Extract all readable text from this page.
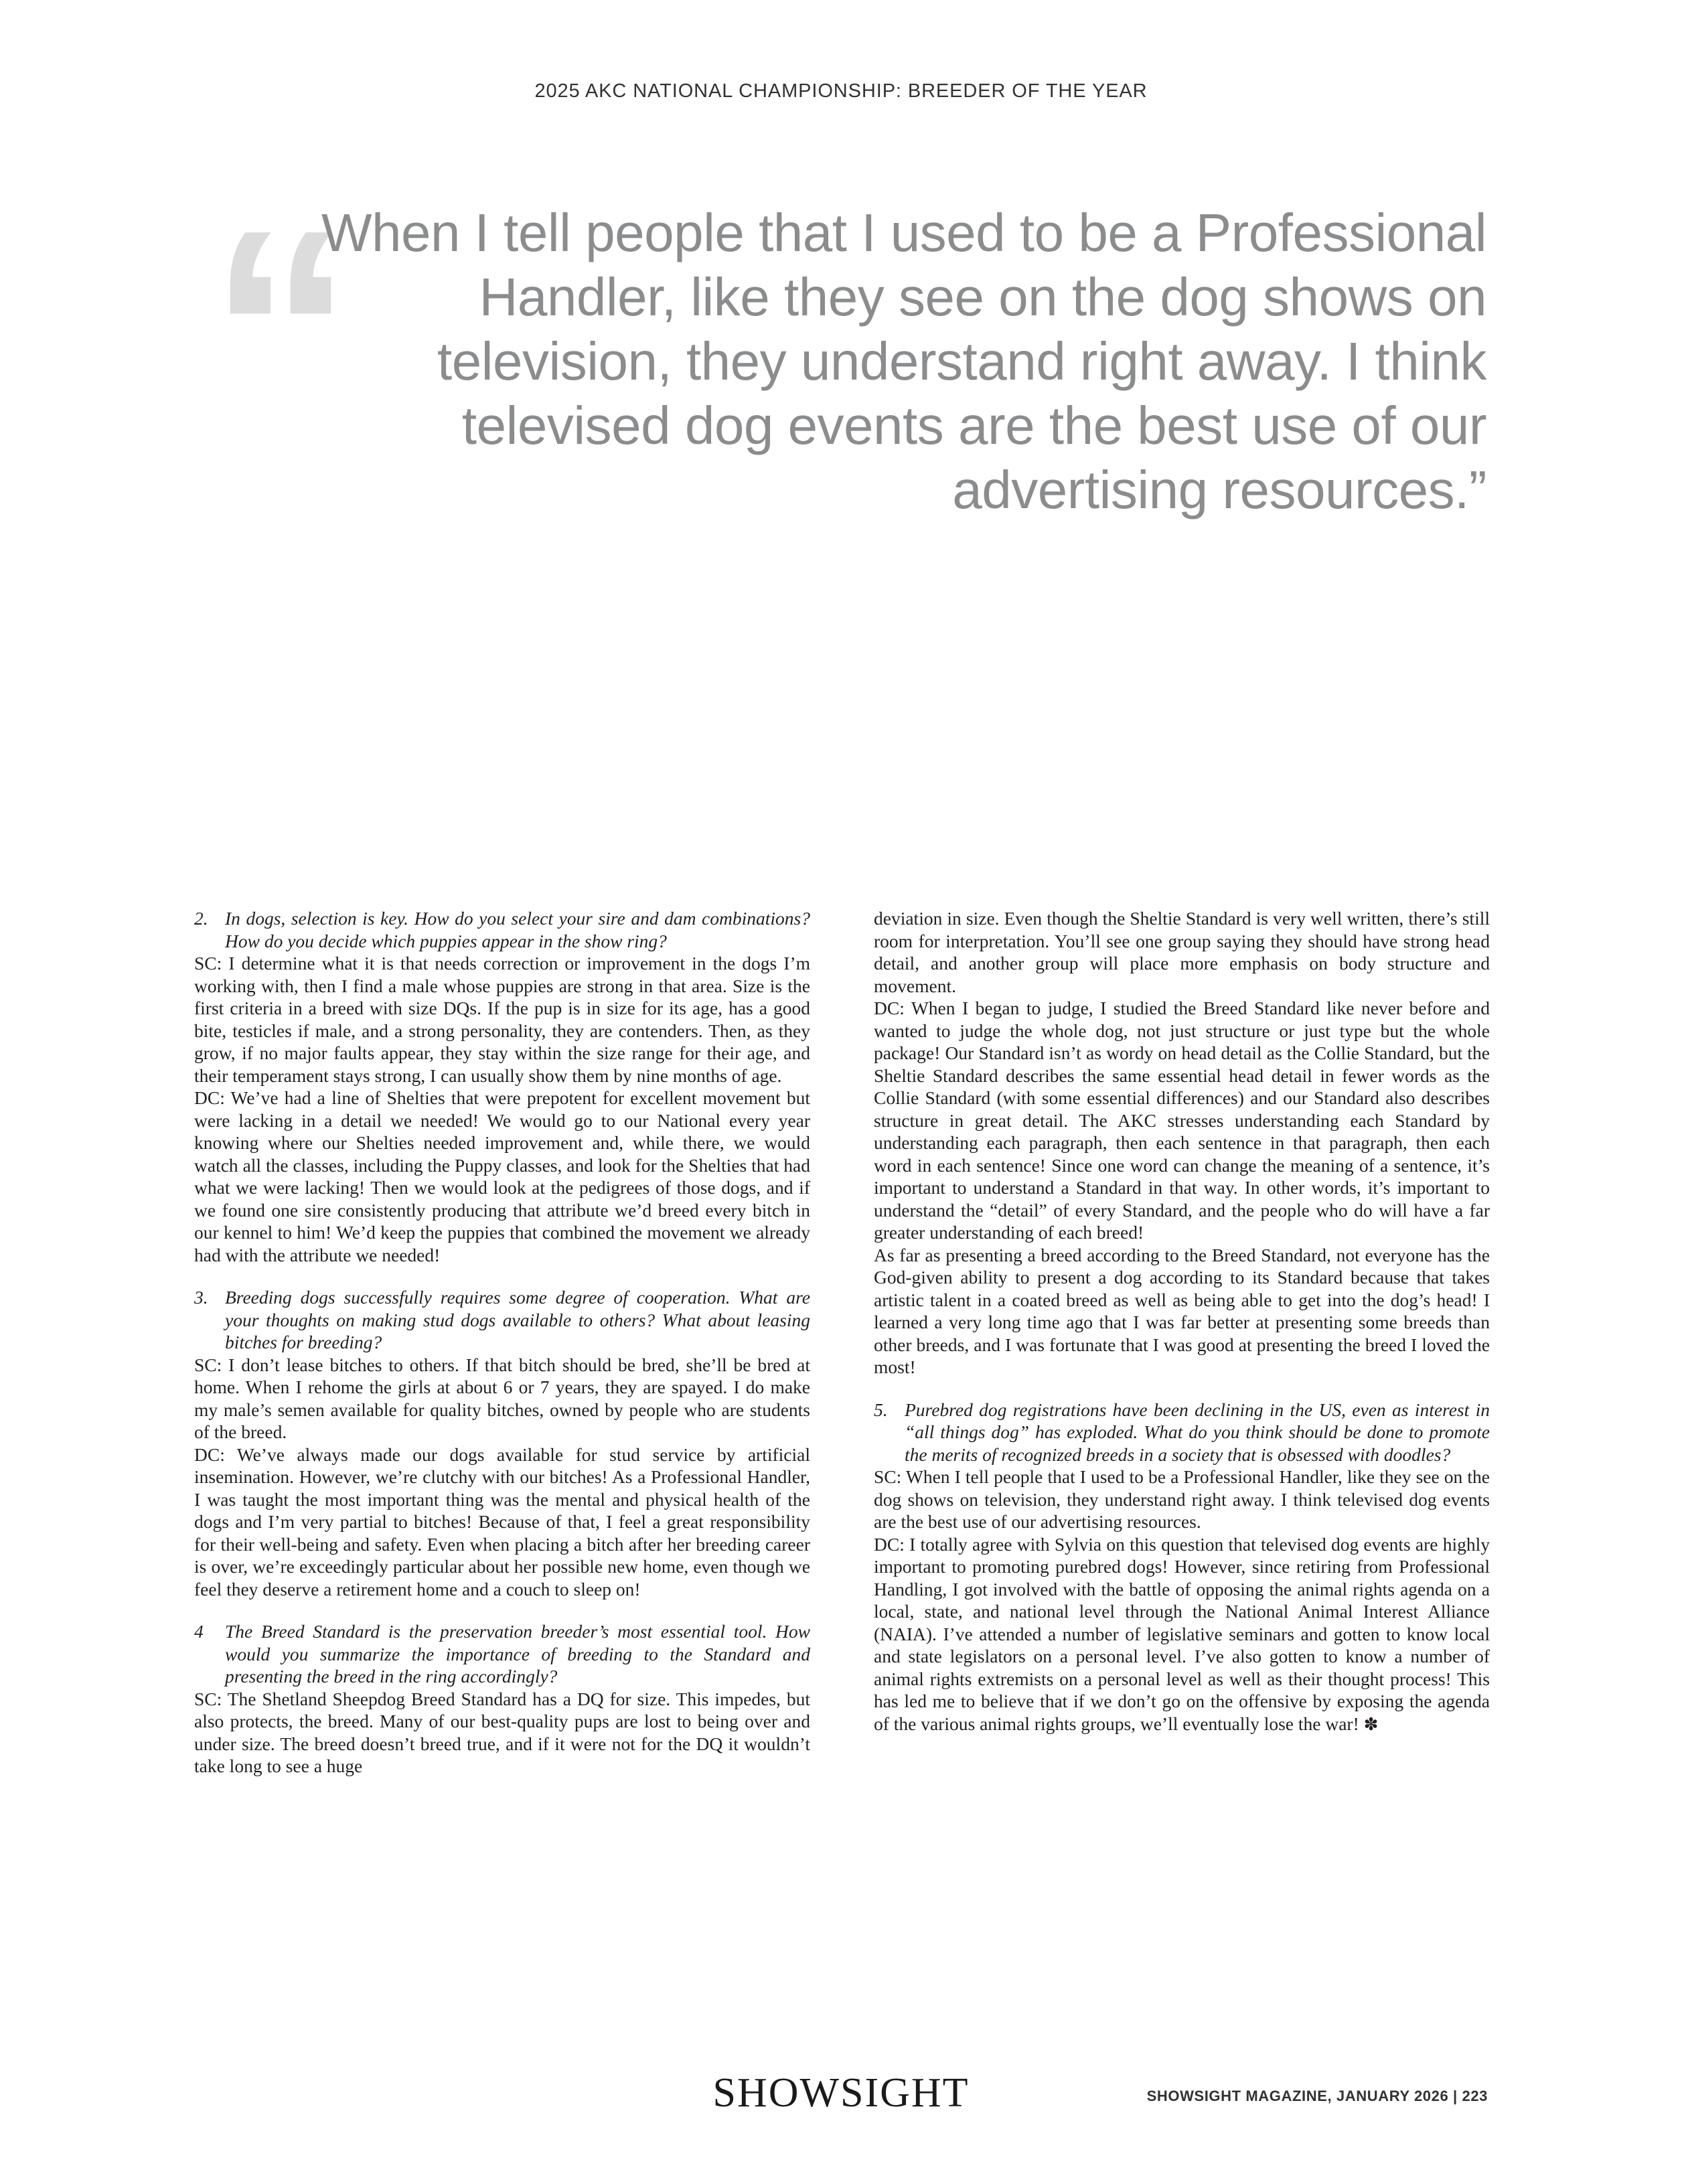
2025 AKC NATIONAL CHAMPIONSHIP: BREEDER OF THE YEAR
“
When I tell people that I used to be a Professional Handler, like they see on the dog shows on television, they understand right away. I think televised dog events are the best use of our advertising resources.”
2. In dogs, selection is key. How do you select your sire and dam combinations? How do you decide which puppies appear in the show ring?
SC: I determine what it is that needs correction or improvement in the dogs I’m working with, then I find a male whose puppies are strong in that area. Size is the first criteria in a breed with size DQs. If the pup is in size for its age, has a good bite, testicles if male, and a strong personality, they are contenders. Then, as they grow, if no major faults appear, they stay within the size range for their age, and their temperament stays strong, I can usually show them by nine months of age.
DC: We’ve had a line of Shelties that were prepotent for excellent movement but were lacking in a detail we needed! We would go to our National every year knowing where our Shelties needed improvement and, while there, we would watch all the classes, including the Puppy classes, and look for the Shelties that had what we were lacking! Then we would look at the pedigrees of those dogs, and if we found one sire consistently producing that attribute we’d breed every bitch in our kennel to him! We’d keep the puppies that combined the movement we already had with the attribute we needed!
3. Breeding dogs successfully requires some degree of cooperation. What are your thoughts on making stud dogs available to others? What about leasing bitches for breeding?
SC: I don’t lease bitches to others. If that bitch should be bred, she’ll be bred at home. When I rehome the girls at about 6 or 7 years, they are spayed. I do make my male’s semen available for quality bitches, owned by people who are students of the breed.
DC: We’ve always made our dogs available for stud service by artificial insemination. However, we’re clutchy with our bitches! As a Professional Handler, I was taught the most important thing was the mental and physical health of the dogs and I’m very partial to bitches! Because of that, I feel a great responsibility for their well-being and safety. Even when placing a bitch after her breeding career is over, we’re exceedingly particular about her possible new home, even though we feel they deserve a retirement home and a couch to sleep on!
4	The Breed Standard is the preservation breeder’s most essential tool. How would you summarize the importance of breeding to the Standard and presenting the breed in the ring accordingly?
SC: The Shetland Sheepdog Breed Standard has a DQ for size. This impedes, but also protects, the breed. Many of our best-quality pups are lost to being over and under size. The breed doesn’t breed true, and if it were not for the DQ it wouldn’t take long to see a huge
deviation in size. Even though the Sheltie Standard is very well written, there’s still room for interpretation. You’ll see one group saying they should have strong head detail, and another group will place more emphasis on body structure and movement.
DC: When I began to judge, I studied the Breed Standard like never before and wanted to judge the whole dog, not just structure or just type but the whole package! Our Standard isn’t as wordy on head detail as the Collie Standard, but the Sheltie Standard describes the same essential head detail in fewer words as the Collie Standard (with some essential differences) and our Standard also describes structure in great detail. The AKC stresses understanding each Standard by understanding each paragraph, then each sentence in that paragraph, then each word in each sentence! Since one word can change the meaning of a sentence, it’s important to understand a Standard in that way. In other words, it’s important to understand the “detail” of every Standard, and the people who do will have a far greater understanding of each breed!
As far as presenting a breed according to the Breed Standard, not everyone has the God-given ability to present a dog according to its Standard because that takes artistic talent in a coated breed as well as being able to get into the dog’s head! I learned a very long time ago that I was far better at presenting some breeds than other breeds, and I was fortunate that I was good at presenting the breed I loved the most!
5. Purebred dog registrations have been declining in the US, even as interest in “all things dog” has exploded. What do you think should be done to promote the merits of recognized breeds in a society that is obsessed with doodles?
SC: When I tell people that I used to be a Professional Handler, like they see on the dog shows on television, they understand right away. I think televised dog events are the best use of our advertising resources.
DC: I totally agree with Sylvia on this question that televised dog events are highly important to promoting purebred dogs! However, since retiring from Professional Handling, I got involved with the battle of opposing the animal rights agenda on a local, state, and national level through the National Animal Interest Alliance (NAIA). I’ve attended a number of legislative seminars and gotten to know local and state legislators on a personal level. I’ve also gotten to know a number of animal rights extremists on a personal level as well as their thought process! This has led me to believe that if we don’t go on the offensive by exposing the agenda of the various animal rights groups, we’ll eventually lose the war! ✽
SHOWSIGHT	SHOWSIGHT MAGAZINE, JANUARY 2026 | 223
